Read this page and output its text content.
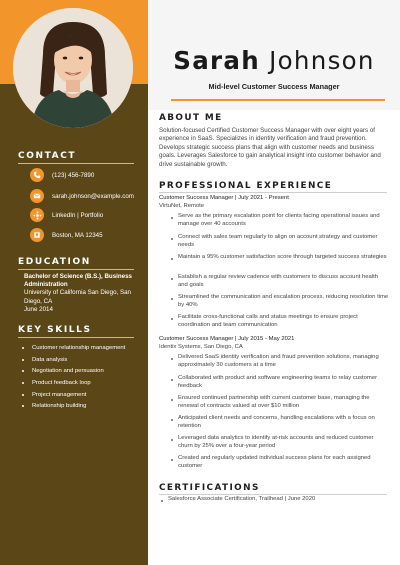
CONTACT
(123) 456-7890
sarah.johnson@example.com
LinkedIn | Portfolio
Boston, MA 12345
EDUCATION
Bachelor of Science (B.S.), Business Administration
University of California San Diego, San Diego, CA
June 2014
KEY SKILLS
Customer relationship management
Data analysis
Negotiation and persuasion
Product feedback loop
Project management
Relationship building
Sarah Johnson
Mid-level Customer Success Manager
ABOUT ME
Solution-focused Certified Customer Success Manager with over eight years of experience in SaaS. Specializes in identity verification and fraud prevention. Develops strategic success plans that align with customer needs and business goals. Leverages Salesforce to gain analytical insight into customer behavior and drive sustainable growth.
PROFESSIONAL EXPERIENCE
Customer Success Manager | July 2021 - Present
VirtuNet, Remote
Serve as the primary escalation point for clients facing operational issues and manage over 40 accounts
Connect with sales team regularly to align on account strategy and customer needs
Maintain a 95% customer satisfaction score through targeted success strategies
Establish a regular review cadence with customers to discuss account health and goals
Streamlined the communication and escalation process, reducing resolution time by 40%
Facilitate cross-functional calls and status meetings to ensure project coordination and team communication
Customer Success Manager | July 2015 - May 2021
Identix Systems, San Diego, CA
Delivered SaaS identity verification and fraud prevention solutions, managing approximately 30 customers at a time
Collaborated with product and software engineering teams to relay customer feedback
Ensured continued partnership with current customer base, managing the renewal of contracts valued at over $10 million
Anticipated client needs and concerns, handling escalations with a focus on retention
Leveraged data analytics to identify at-risk accounts and reduced customer churn by 25% over a four-year period
Created and regularly updated individual success plans for each assigned customer
CERTIFICATIONS
Salesforce Associate Certification, Trailhead | June 2020
